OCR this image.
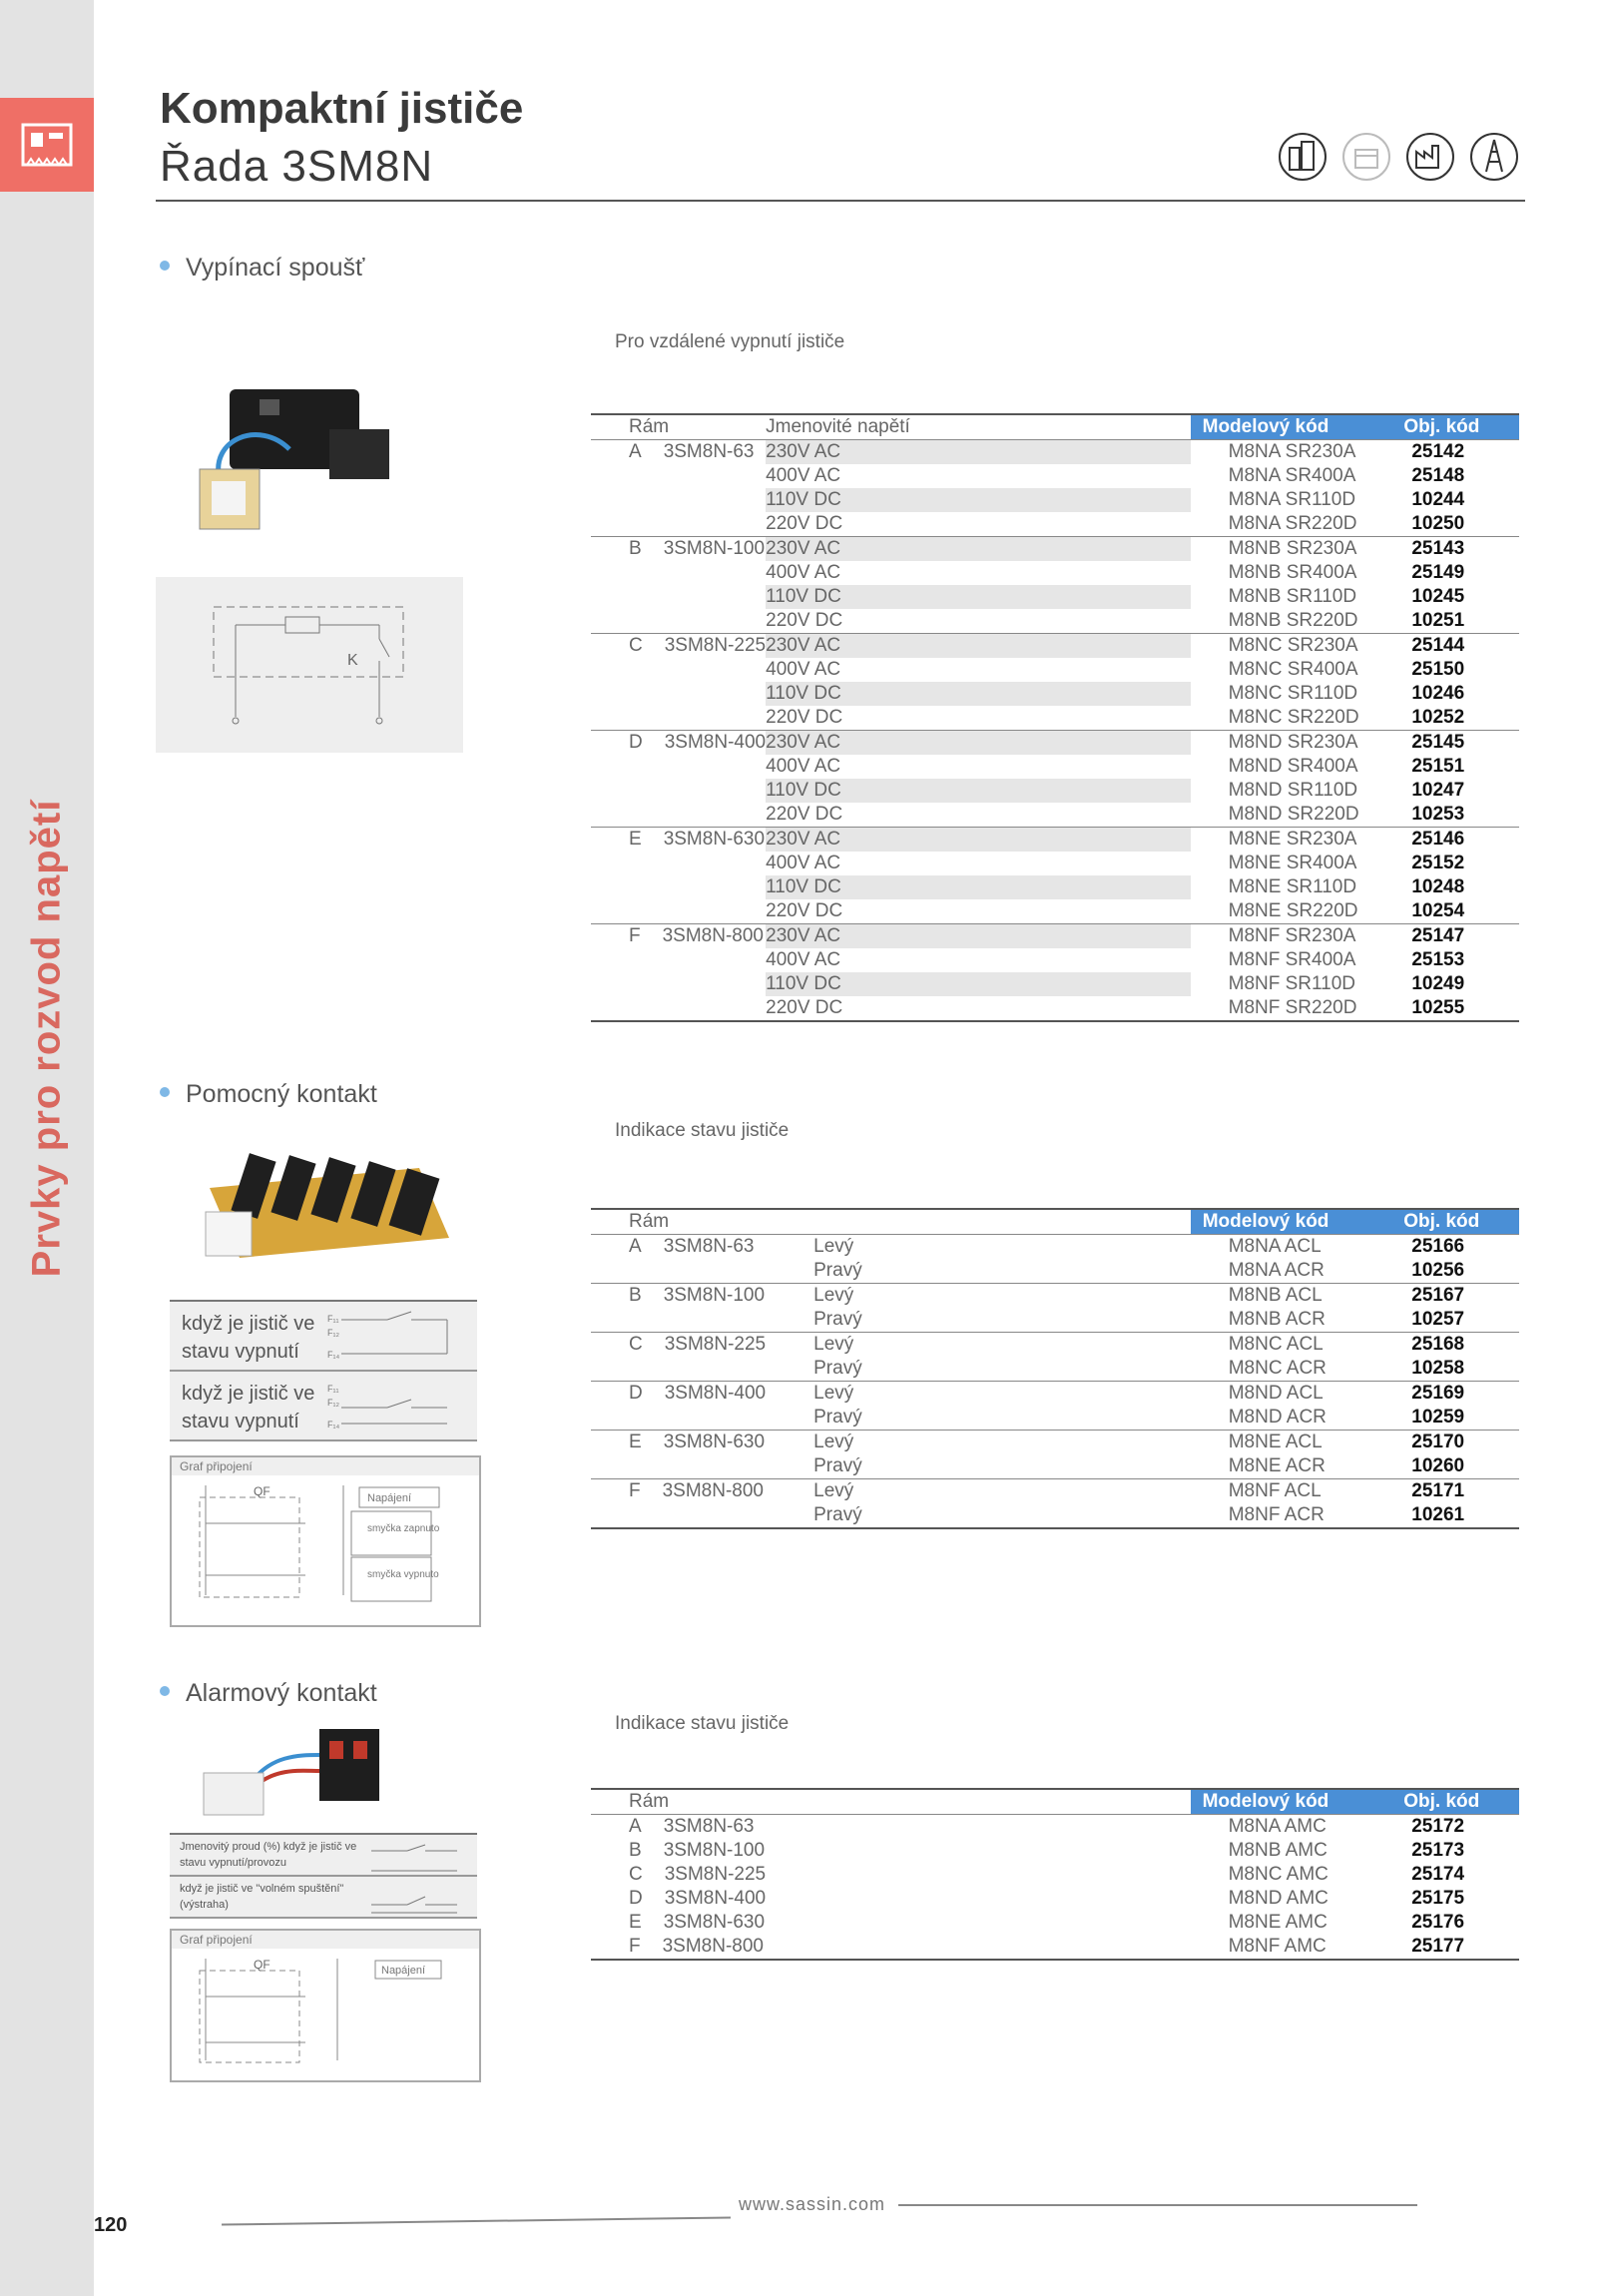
Prvky pro rozvod napětí
120
Kompaktní jističe
Řada 3SM8N
Vypínací spoušť
Pro vzdálené vypnutí jističe
K
Rám	Jmenovité napětí	Modelový kód	Obj. kód
A 3SM8N-63	230V AC	M8NA SR230A	25142
	400V AC	M8NA SR400A	25148
	110V DC	M8NA SR110D	10244
	220V DC	M8NA SR220D	10250
B 3SM8N-100	230V AC	M8NB SR230A	25143
	400V AC	M8NB SR400A	25149
	110V DC	M8NB SR110D	10245
	220V DC	M8NB SR220D	10251
C 3SM8N-225	230V AC	M8NC SR230A	25144
	400V AC	M8NC SR400A	25150
	110V DC	M8NC SR110D	10246
	220V DC	M8NC SR220D	10252
D 3SM8N-400	230V AC	M8ND SR230A	25145
	400V AC	M8ND SR400A	25151
	110V DC	M8ND SR110D	10247
	220V DC	M8ND SR220D	10253
E 3SM8N-630	230V AC	M8NE SR230A	25146
	400V AC	M8NE SR400A	25152
	110V DC	M8NE SR110D	10248
	220V DC	M8NE SR220D	10254
F 3SM8N-800	230V AC	M8NF SR230A	25147
	400V AC	M8NF SR400A	25153
	110V DC	M8NF SR110D	10249
	220V DC	M8NF SR220D	10255
Pomocný kontakt
Indikace stavu jističe
když je jistič ve stavu vypnutí
F₁₁
F₁₂
F₁₄
když je jistič ve stavu vypnutí
F₁₁
F₁₂
F₁₄
Graf připojení
QF	Napájení
smyčka zapnuto
smyčka vypnuto
Rám		Modelový kód	Obj. kód
A 3SM8N-63	Levý	M8NA ACL	25166
	Pravý	M8NA ACR	10256
B 3SM8N-100	Levý	M8NB ACL	25167
	Pravý	M8NB ACR	10257
C 3SM8N-225	Levý	M8NC ACL	25168
	Pravý	M8NC ACR	10258
D 3SM8N-400	Levý	M8ND ACL	25169
	Pravý	M8ND ACR	10259
E 3SM8N-630	Levý	M8NE ACL	25170
	Pravý	M8NE ACR	10260
F 3SM8N-800	Levý	M8NF ACL	25171
	Pravý	M8NF ACR	10261
Alarmový kontakt
Indikace stavu jističe
Jmenovitý proud (%) když je jistič ve stavu vypnutí/provozu
když je jistič ve "volném spuštění" (výstraha)
Graf připojení
QF	Napájení
Rám		Modelový kód	Obj. kód
A 3SM8N-63		M8NA AMC	25172
B 3SM8N-100		M8NB AMC	25173
C 3SM8N-225		M8NC AMC	25174
D 3SM8N-400		M8ND AMC	25175
E 3SM8N-630		M8NE AMC	25176
F 3SM8N-800		M8NF AMC	25177
www.sassin.com
